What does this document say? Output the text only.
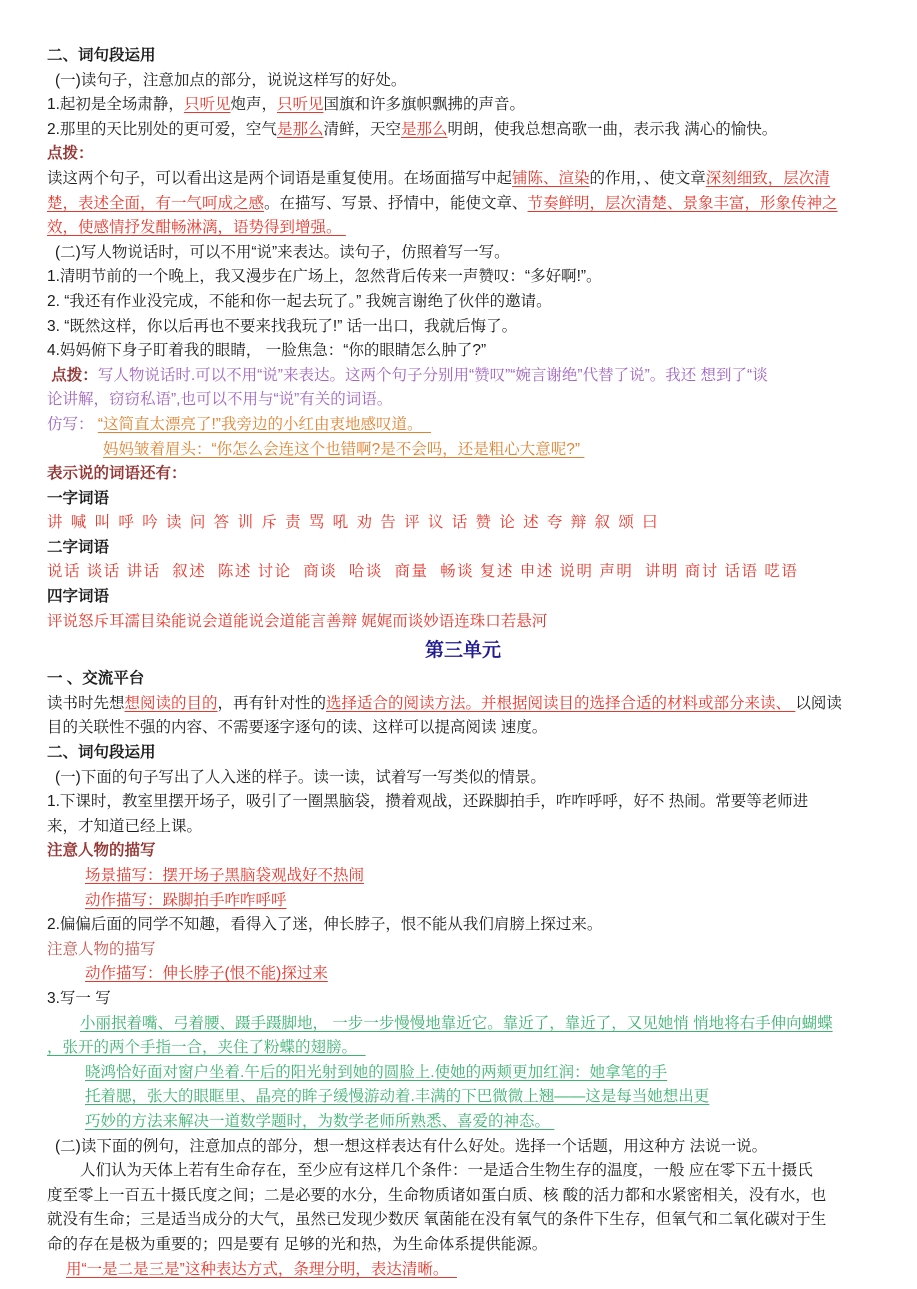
二、词句段运用
(一)读句子，注意加点的部分，说说这样写的好处。
1.起初是全场肃静，只听见炮声，只听见国旗和许多旗帜飘拂的声音。
2.那里的天比别处的更可爱，空气是那么清鲜，天空是那么明朗，使我总想高歌一曲，表示我 满心的愉快。
点拨：
读这两个句子，可以看出这是两个词语是重复使用。在场面描写中起铺陈、渲染的作用，、使文章深刻细致，层次清
楚，表述全面，有一气呵成之感。在描写、写景、抒情中，能使文章、节奏鲜明，层次清楚、景象丰富，形象传神之
效，使感情抒发酣畅淋漓，语势得到增强。
(二)写人物说话时，可以不用“说”来表达。读句子，仿照着写一写。
1.清明节前的一个晚上，我又漫步在广场上，忽然背后传来一声赞叹：“多好啊!”。
2. “我还有作业没完成，不能和你一起去玩了。” 我婉言谢绝了伙伴的邀请。
3. “既然这样，你以后再也不要来找我玩了!” 话一出口，我就后悔了。
4.妈妈俯下身子盯着我的眼睛， 一脸焦急：“你的眼睛怎么肿了?”
点拨：写人物说话时.可以不用“说”来表达。这两个句子分别用“赞叹”“婉言谢绝”代替了说”。我还 想到了“谈
论讲解，窃窃私语”,也可以不用与“说”有关的词语。
仿写： “这简直太漂亮了!”我旁边的小红由衷地感叹道。
妈妈皱着眉头：“你怎么会连这个也错啊?是不会吗，还是粗心大意呢?”
表示说的词语还有：
一字词语
讲 喊 叫 呼 吟 读 问 答 训 斥 责 骂 吼 劝 告 评 议 话 赞 论 述 夸 辩 叙 颂 曰
二字词语
说话 谈话 讲话  叙述  陈述 讨论  商谈  哈谈  商量  畅谈 复述 申述 说明 声明  讲明 商讨 话语 呓语
四字词语
评说怒斥耳濡目染能说会道能说会道能言善辩 娓娓而谈妙语连珠口若悬河
第三单元
一 、交流平台
读书时先想想阅读的目的，再有针对性的选择适合的阅读方法。并根据阅读目的选择合适的材料或部分来读、 以阅读
目的关联性不强的内容、不需要逐字逐句的读、这样可以提高阅读 速度。
二、词句段运用
(一)下面的句子写出了人入迷的样子。读一读，试着写一写类似的情景。
1.下课时，教室里摆开场子，吸引了一圈黑脑袋，攒着观战，还跺脚拍手，咋咋呼呼，好不 热闹。常要等老师进
来，才知道已经上课。
注意人物的描写
场景描写：摆开场子黑脑袋观战好不热闹
动作描写：跺脚拍手咋咋呼呼
2.偏偏后面的同学不知趣，看得入了迷，伸长脖子，恨不能从我们肩膀上探过来。
注意人物的描写
动作描写：伸长脖子(恨不能)探过来
3.写一 写
小丽抿着嘴、弓着腰、蹑手蹑脚地， 一步一步慢慢地靠近它。靠近了，靠近了，又见她悄 悄地将右手伸向蝴蝶
，张开的两个手指一合，夹住了粉蝶的翅膀。
晓鸿恰好面对窗户坐着.午后的阳光射到她的圆脸上.使她的两颊更加红润：她拿笔的手
托着腮，张大的眼眶里、晶亮的眸子缓慢游动着.丰满的下巴微微上翘——这是每当她想出更
巧妙的方法来解决一道数学题时，为数学老师所熟悉、喜爱的神态。
(二)读下面的例句，注意加点的部分，想一想这样表达有什么好处。选择一个话题，用这种方 法说一说。
人们认为天体上若有生命存在，至少应有这样几个条件：一是适合生物生存的温度，一般 应在零下五十摄氏
度至零上一百五十摄氏度之间；二是必要的水分，生命物质诸如蛋白质、核 酸的活力都和水紧密相关，没有水，也
就没有生命；三是适当成分的大气，虽然已发现少数厌 氧菌能在没有氧气的条件下生存，但氧气和二氧化碳对于生
命的存在是极为重要的；四是要有 足够的光和热，为生命体系提供能源。
用“一是二是三是”这种表达方式，条理分明，表达清晰。
